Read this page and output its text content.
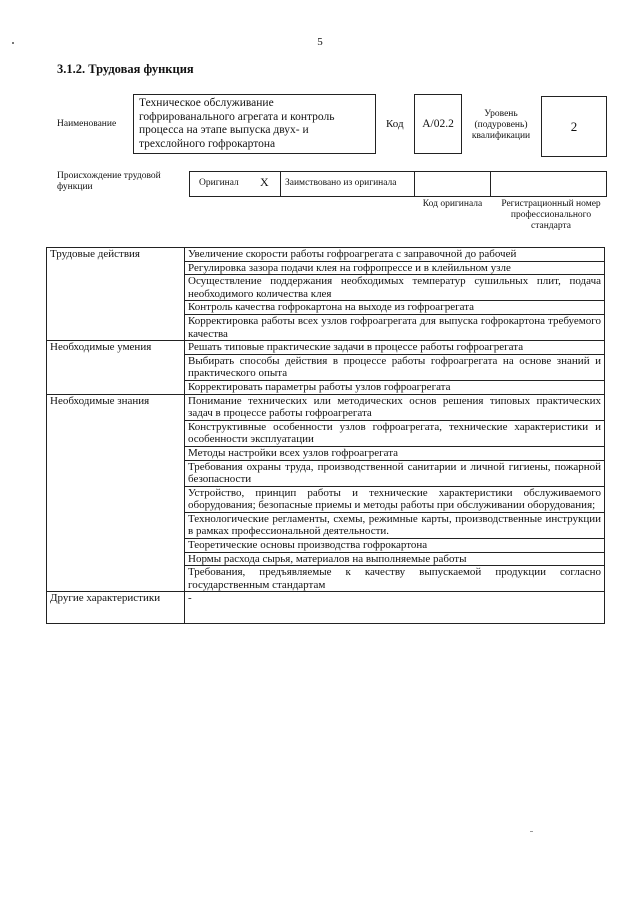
5
3.1.2. Трудовая функция
Наименование
Техническое обслуживание гофрированального агрегата и контроль процесса на этапе выпуска двух- и трехслойного гофрокартона
Код А/02.2
Уровень (подуровень) квалификации
2
Происхождение трудовой функции	Оригинал X Заимствовано из оригинала
Код оригинала	Регистрационный номер профессионального стандарта
Трудовые действия	Увеличение скорости работы гофроагрегата с заправочной до рабочей
	Регулировка зазора подачи клея на гофропрессе и в клейильном узле
	Осуществление поддержания необходимых температур сушильных плит, подача необходимого количества клея
	Контроль качества гофрокартона на выходе из гофроагрегата
	Корректировка работы всех узлов гофроагрегата для выпуска гофрокартона требуемого качества
Необходимые умения	Решать типовые практические задачи в процессе работы гофроагрегата
	Выбирать способы действия в процессе работы гофроагрегата на основе знаний и практического опыта
	Корректировать параметры работы узлов гофроагрегата
Необходимые знания	Понимание технических или методических основ решения типовых практических задач в процессе работы гофроагрегата
	Конструктивные особенности узлов гофроагрегата, технические характеристики и особенности эксплуатации
	Методы настройки всех узлов гофроагрегата
	Требования охраны труда, производственной санитарии и личной гигиены, пожарной безопасности
	Устройство, принцип работы и технические характеристики обслуживаемого оборудования; безопасные приемы и методы работы при обслуживании оборудования;
	Технологические регламенты, схемы, режимные карты, производственные инструкции в рамках профессиональной деятельности.
	Теоретические основы производства гофрокартона
	Нормы расхода сырья, материалов на выполняемые работы
	Требования, предъявляемые к качеству выпускаемой продукции согласно государственным стандартам
Другие характеристики	-
